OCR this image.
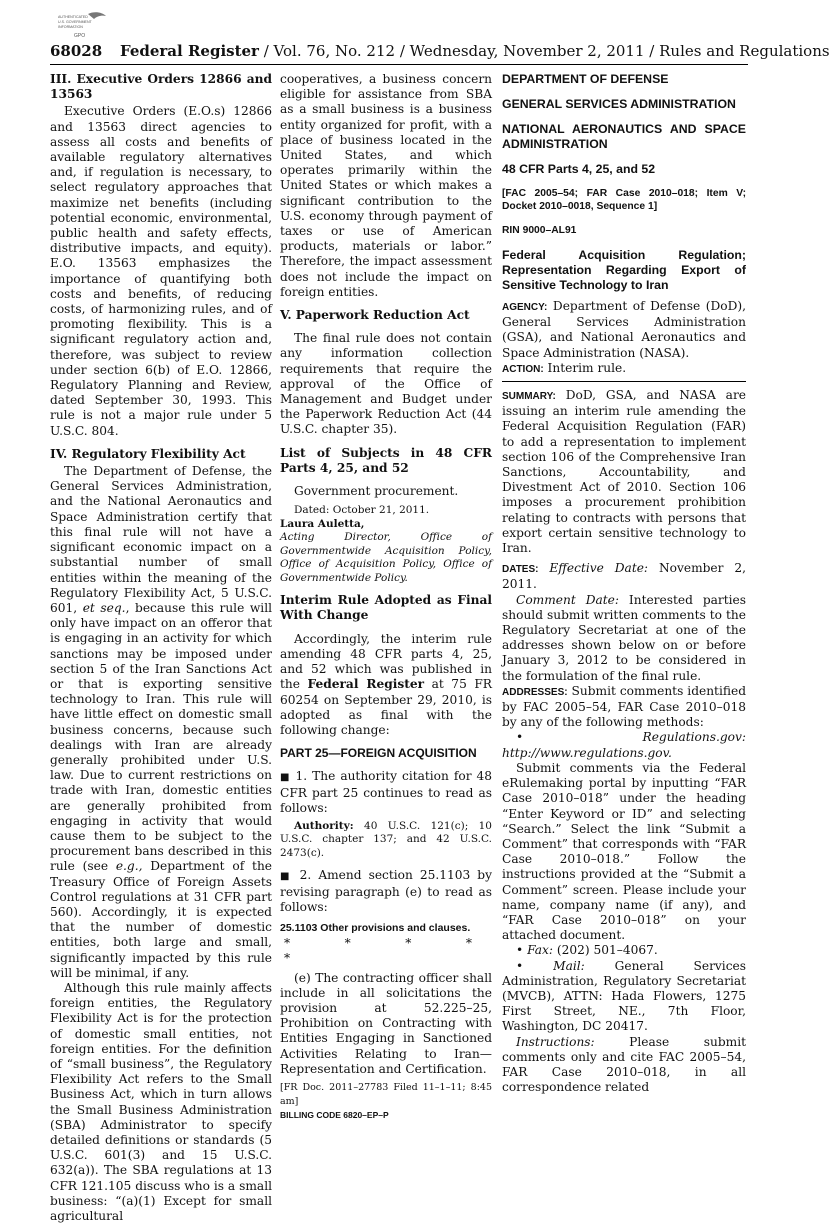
AUTHENTICATED
U.S. GOVERNMENT
INFORMATION
GPO
68028 Federal Register / Vol. 76, No. 212 / Wednesday, November 2, 2011 / Rules and Regulations

III. Executive Orders 12866 and 13563

Executive Orders (E.O.s) 12866 and 13563 direct agencies to assess all costs and benefits of available regulatory alternatives and, if regulation is necessary, to select regulatory approaches that maximize net benefits (including potential economic, environmental, public health and safety effects, distributive impacts, and equity). E.O. 13563 emphasizes the importance of quantifying both costs and benefits, of reducing costs, of harmonizing rules, and of promoting flexibility. This is a significant regulatory action and, therefore, was subject to review under section 6(b) of E.O. 12866, Regulatory Planning and Review, dated September 30, 1993. This rule is not a major rule under 5 U.S.C. 804.

IV. Regulatory Flexibility Act

The Department of Defense, the General Services Administration, and the National Aeronautics and Space Administration certify that this final rule will not have a significant economic impact on a substantial number of small entities within the meaning of the Regulatory Flexibility Act, 5 U.S.C. 601, et seq., because this rule will only have impact on an offeror that is engaging in an activity for which sanctions may be imposed under section 5 of the Iran Sanctions Act or that is exporting sensitive technology to Iran. This rule will have little effect on domestic small business concerns, because such dealings with Iran are already generally prohibited under U.S. law. Due to current restrictions on trade with Iran, domestic entities are generally prohibited from engaging in activity that would cause them to be subject to the procurement bans described in this rule (see e.g., Department of the Treasury Office of Foreign Assets Control regulations at 31 CFR part 560). Accordingly, it is expected that the number of domestic entities, both large and small, significantly impacted by this rule will be minimal, if any.

Although this rule mainly affects foreign entities, the Regulatory Flexibility Act is for the protection of domestic small entities, not foreign entities. For the definition of “small business”, the Regulatory Flexibility Act refers to the Small Business Act, which in turn allows the Small Business Administration (SBA) Administrator to specify detailed definitions or standards (5 U.S.C. 601(3) and 15 U.S.C. 632(a)). The SBA regulations at 13 CFR 121.105 discuss who is a small business: “(a)(1) Except for small agricultural

cooperatives, a business concern eligible for assistance from SBA as a small business is a business entity organized for profit, with a place of business located in the United States, and which operates primarily within the United States or which makes a significant contribution to the U.S. economy through payment of taxes or use of American products, materials or labor.” Therefore, the impact assessment does not include the impact on foreign entities.

V. Paperwork Reduction Act

The final rule does not contain any information collection requirements that require the approval of the Office of Management and Budget under the Paperwork Reduction Act (44 U.S.C. chapter 35).

List of Subjects in 48 CFR Parts 4, 25, and 52

Government procurement.

Dated: October 21, 2011.

Laura Auletta,

Acting Director, Office of Governmentwide Acquisition Policy, Office of Acquisition Policy, Office of Governmentwide Policy.

Interim Rule Adopted as Final With Change

Accordingly, the interim rule amending 48 CFR parts 4, 25, and 52 which was published in the Federal Register at 75 FR 60254 on September 29, 2010, is adopted as final with the following change:

PART 25—FOREIGN ACQUISITION

■ 1. The authority citation for 48 CFR part 25 continues to read as follows:

Authority: 40 U.S.C. 121(c); 10 U.S.C. chapter 137; and 42 U.S.C. 2473(c).

■ 2. Amend section 25.1103 by revising paragraph (e) to read as follows:

25.1103 Other provisions and clauses.

* * * * *

(e) The contracting officer shall include in all solicitations the provision at 52.225–25, Prohibition on Contracting with Entities Engaging in Sanctioned Activities Relating to Iran—Representation and Certification.

[FR Doc. 2011–27783 Filed 11–1–11; 8:45 am]

BILLING CODE 6820–EP–P

DEPARTMENT OF DEFENSE

GENERAL SERVICES ADMINISTRATION

NATIONAL AERONAUTICS AND SPACE ADMINISTRATION

48 CFR Parts 4, 25, and 52

[FAC 2005–54; FAR Case 2010–018; Item V; Docket 2010–0018, Sequence 1]

RIN 9000–AL91

Federal Acquisition Regulation; Representation Regarding Export of Sensitive Technology to Iran

AGENCY: Department of Defense (DoD), General Services Administration (GSA), and National Aeronautics and Space Administration (NASA).

ACTION: Interim rule.

SUMMARY: DoD, GSA, and NASA are issuing an interim rule amending the Federal Acquisition Regulation (FAR) to add a representation to implement section 106 of the Comprehensive Iran Sanctions, Accountability, and Divestment Act of 2010. Section 106 imposes a procurement prohibition relating to contracts with persons that export certain sensitive technology to Iran.

DATES: Effective Date: November 2, 2011.

Comment Date: Interested parties should submit written comments to the Regulatory Secretariat at one of the addresses shown below on or before January 3, 2012 to be considered in the formulation of the final rule.

ADDRESSES: Submit comments identified by FAC 2005–54, FAR Case 2010–018 by any of the following methods:

• Regulations.gov: http://www.regulations.gov.

Submit comments via the Federal eRulemaking portal by inputting “FAR Case 2010–018” under the heading “Enter Keyword or ID” and selecting “Search.” Select the link “Submit a Comment” that corresponds with “FAR Case 2010–018.” Follow the instructions provided at the “Submit a Comment” screen. Please include your name, company name (if any), and “FAR Case 2010–018” on your attached document.

• Fax: (202) 501–4067.

• Mail: General Services Administration, Regulatory Secretariat (MVCB), ATTN: Hada Flowers, 1275 First Street, NE., 7th Floor, Washington, DC 20417.

Instructions: Please submit comments only and cite FAC 2005–54, FAR Case 2010–018, in all correspondence related
